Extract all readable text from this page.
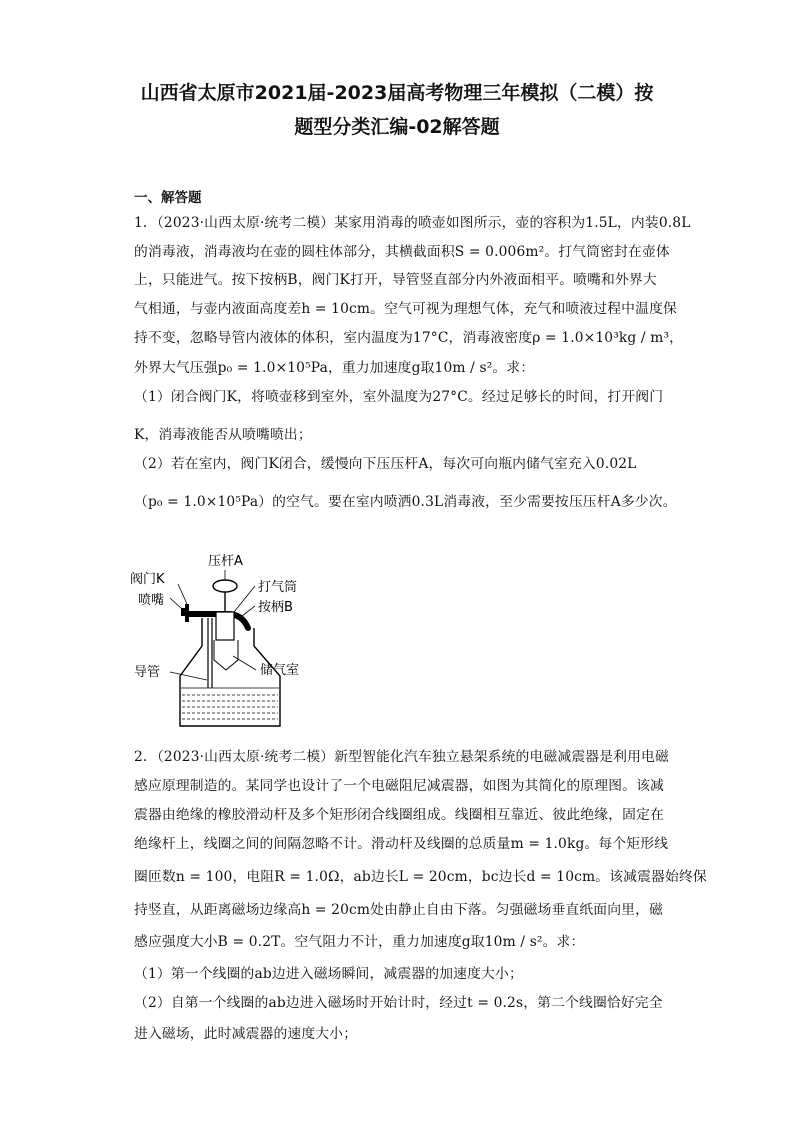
山西省太原市2021届-2023届高考物理三年模拟（二模）按
题型分类汇编-02解答题
一、解答题
1．（2023·山西太原·统考二模）某家用消毒的喷壶如图所示，壶的容积为1.5L，内装0.8L
的消毒液，消毒液均在壶的圆柱体部分，其横截面积S = 0.006m²。打气筒密封在壶体
上，只能进气。按下按柄B，阀门K打开，导管竖直部分内外液面相平。喷嘴和外界大
气相通，与壶内液面高度差h = 10cm。空气可视为理想气体，充气和喷液过程中温度保
持不变，忽略导管内液体的体积，室内温度为17°C，消毒液密度ρ = 1.0×10³kg / m³，
外界大气压强p₀ = 1.0×10⁵Pa，重力加速度g取10m / s²。求：
（1）闭合阀门K，将喷壶移到室外，室外温度为27°C。经过足够长的时间，打开阀门
K，消毒液能否从喷嘴喷出；
（2）若在室内，阀门K闭合，缓慢向下压压杆A，每次可向瓶内储气室充入0.02L
（p₀ = 1.0×10⁵Pa）的空气。要在室内喷洒0.3L消毒液，至少需要按压压杆A多少次。
压杆A
阀门K
打气筒
喷嘴	按柄B
导管	储气室
2．（2023·山西太原·统考二模）新型智能化汽车独立悬架系统的电磁减震器是利用电磁
感应原理制造的。某同学也设计了一个电磁阻尼减震器，如图为其简化的原理图。该减
震器由绝缘的橡胶滑动杆及多个矩形闭合线圈组成。线圈相互靠近、彼此绝缘，固定在
绝缘杆上，线圈之间的间隔忽略不计。滑动杆及线圈的总质量m = 1.0kg。每个矩形线
圈匝数n = 100，电阻R = 1.0Ω，ab边长L = 20cm，bc边长d = 10cm。该减震器始终保
持竖直，从距离磁场边缘高h = 20cm处由静止自由下落。匀强磁场垂直纸面向里，磁
感应强度大小B = 0.2T。空气阻力不计，重力加速度g取10m / s²。求：
（1）第一个线圈的ab边进入磁场瞬间，减震器的加速度大小；
（2）自第一个线圈的ab边进入磁场时开始计时，经过t = 0.2s，第二个线圈恰好完全
进入磁场，此时减震器的速度大小；
